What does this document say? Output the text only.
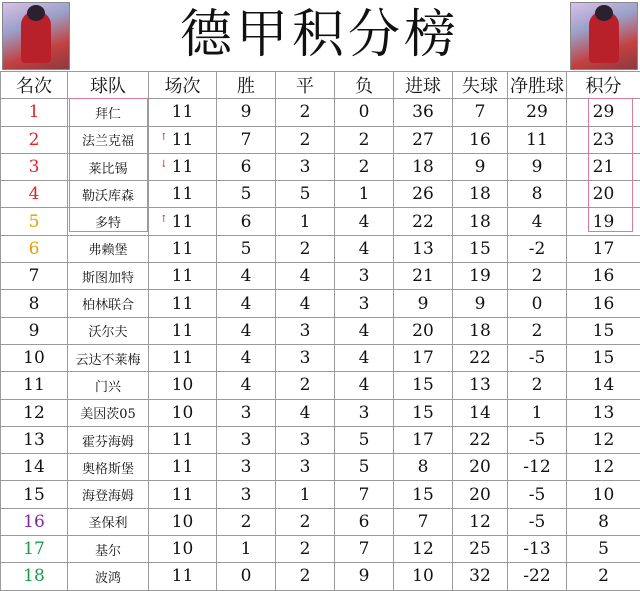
德甲积分榜
名次	球队	场次	胜	平	负	进球	失球	净胜球	积分
1	拜仁	11	9	2	0	36	7	29	29
2	法兰克福	↑ 11	7	2	2	27	16	11	23
3	莱比锡	↓ 11	6	3	2	18	9	9	21
4	勒沃库森	11	5	5	1	26	18	8	20
5	多特	↑ 11	6	1	4	22	18	4	19
6	弗赖堡	11	5	2	4	13	15	-2	17
7	斯图加特	11	4	4	3	21	19	2	16
8	柏林联合	11	4	4	3	9	9	0	16
9	沃尔夫	11	4	3	4	20	18	2	15
10	云达不莱梅	11	4	3	4	17	22	-5	15
11	门兴	10	4	2	4	15	13	2	14
12	美因茨05	10	3	4	3	15	14	1	13
13	霍芬海姆	11	3	3	5	17	22	-5	12
14	奥格斯堡	11	3	3	5	8	20	-12	12
15	海登海姆	11	3	1	7	15	20	-5	10
16	圣保利	10	2	2	6	7	12	-5	8
17	基尔	10	1	2	7	12	25	-13	5
18	波鸿	11	0	2	9	10	32	-22	2
